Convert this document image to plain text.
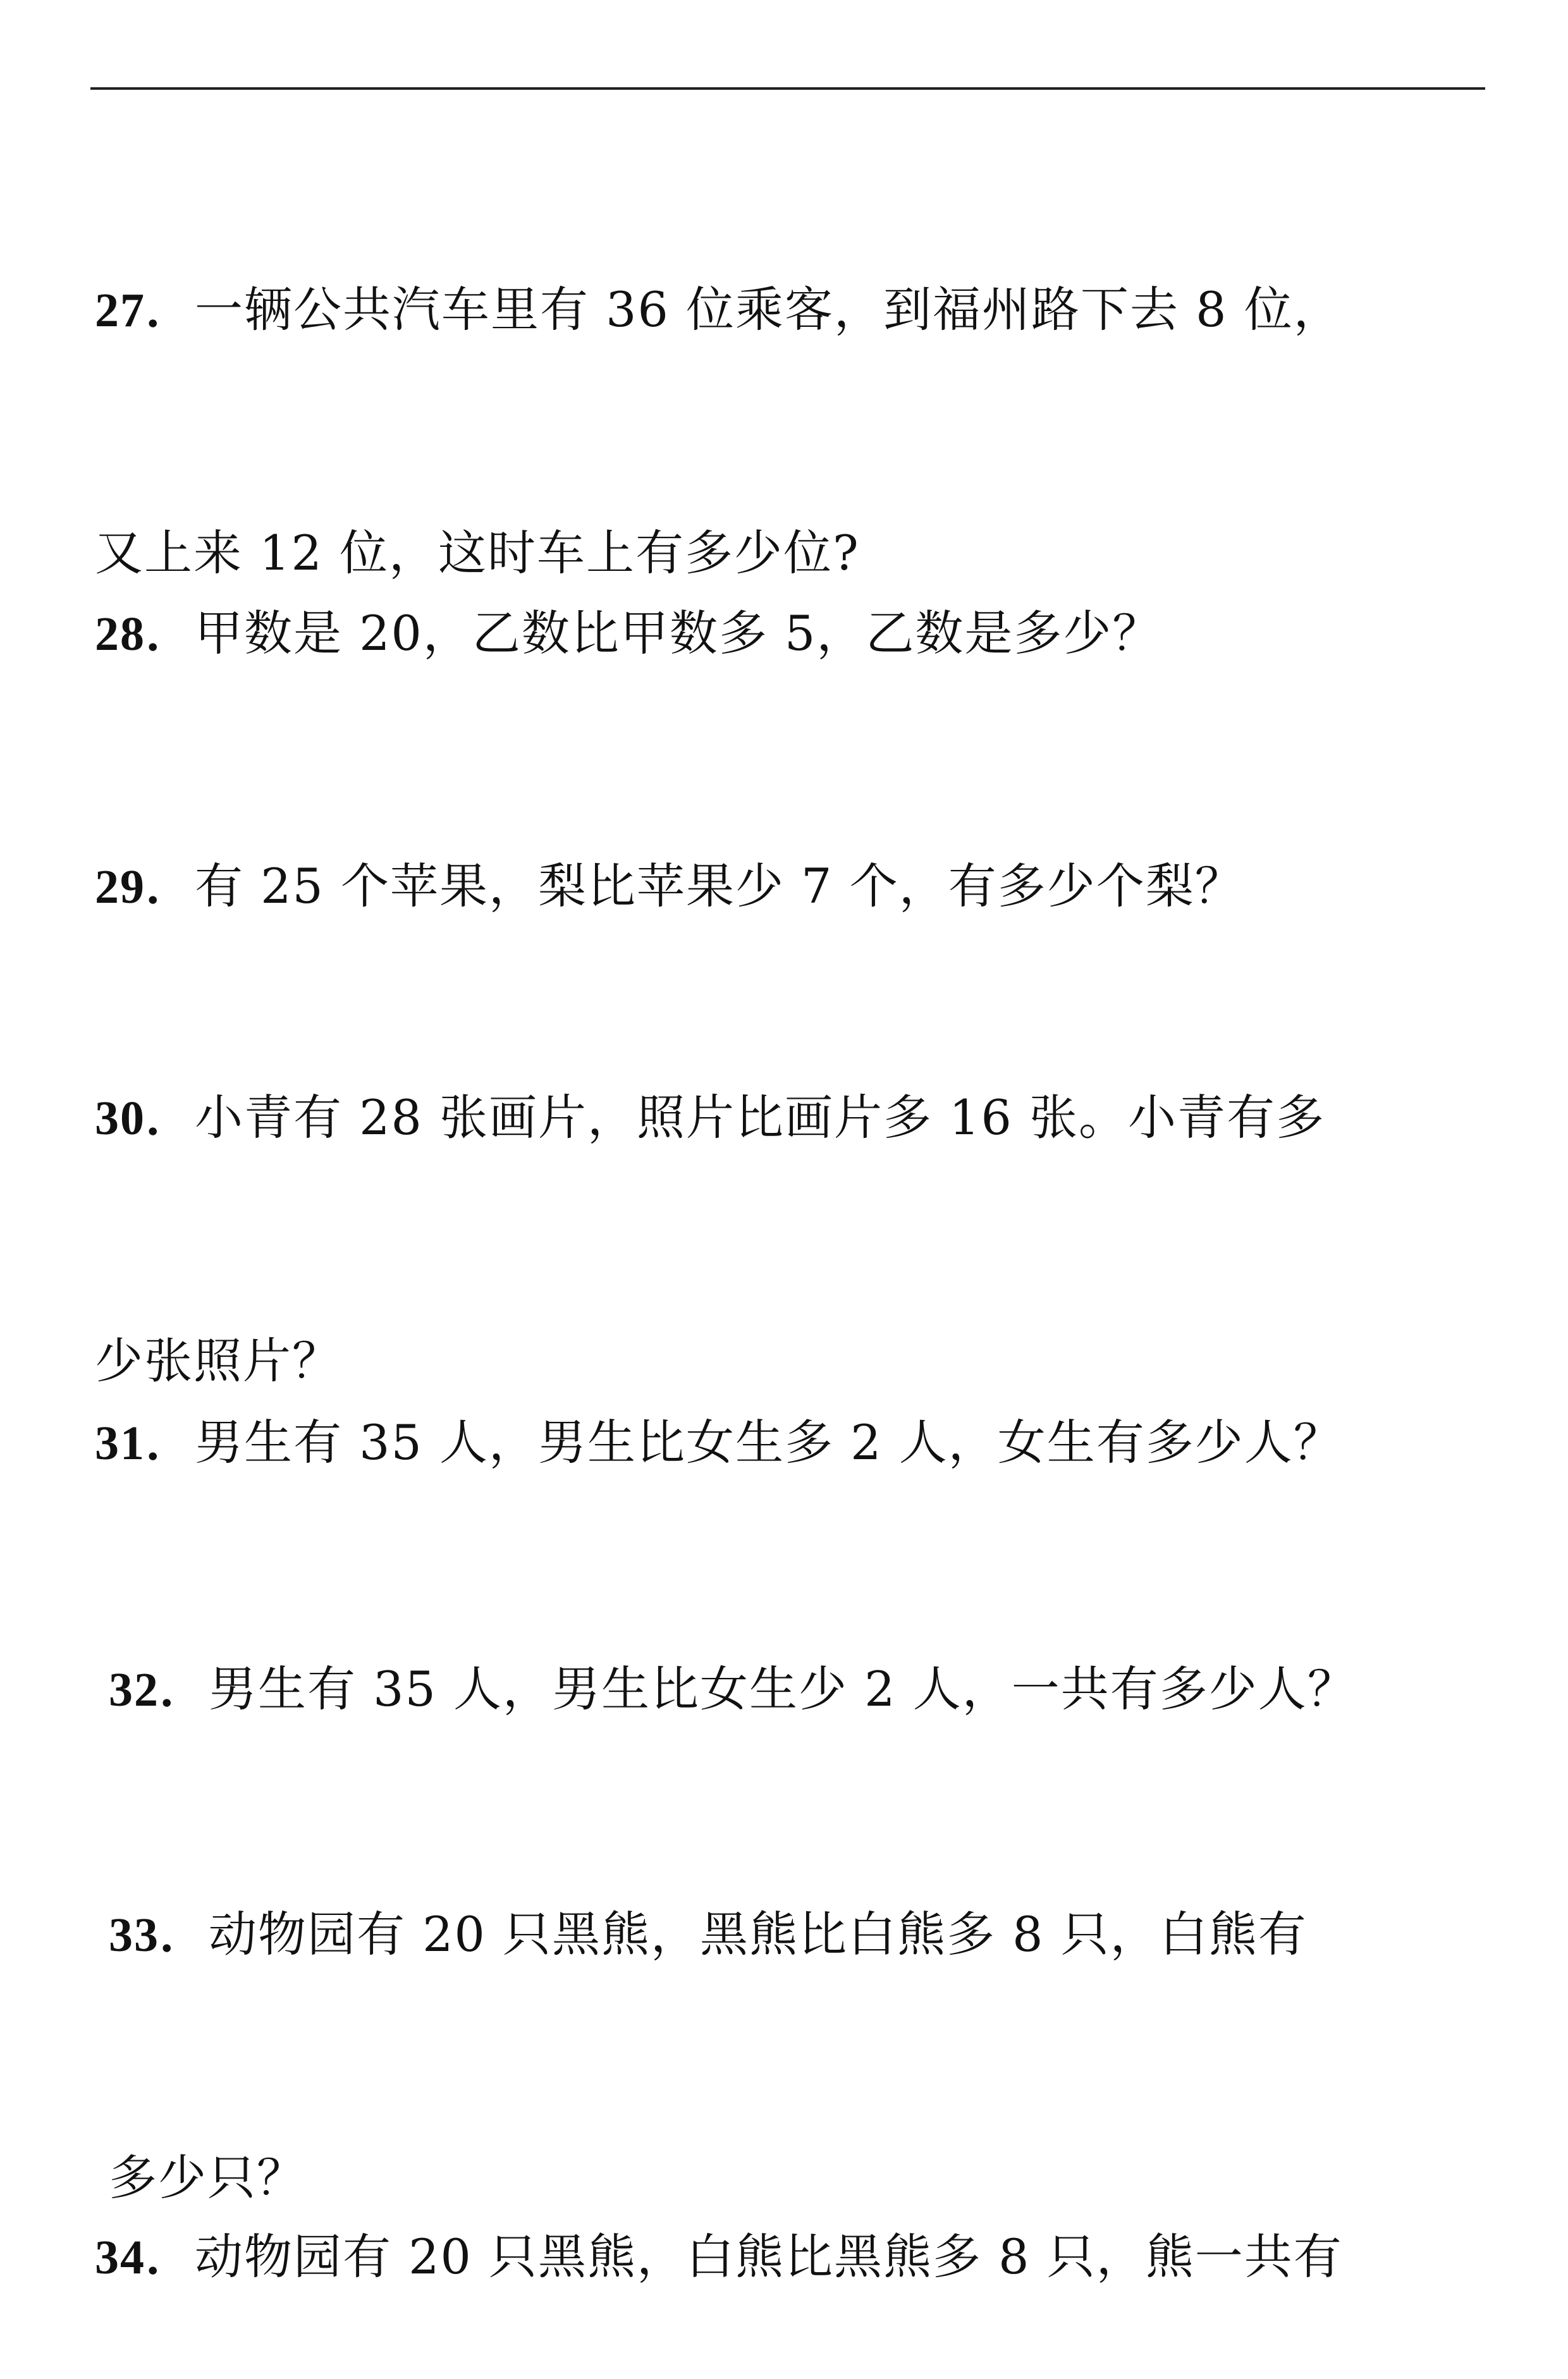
27．一辆公共汽车里有 36 位乘客，到福州路下去 8 位，

又上来 12 位，这时车上有多少位?

28．甲数是 20，乙数比甲数多 5，乙数是多少？

29．有 25 个苹果，梨比苹果少 7 个，有多少个梨？

30．小青有 28 张画片，照片比画片多 16 张。小青有多

少张照片？

31．男生有 35 人，男生比女生多 2 人，女生有多少人？

32．男生有 35 人，男生比女生少 2 人，一共有多少人？

33．动物园有 20 只黑熊，黑熊比白熊多 8 只，白熊有

多少只？

34．动物园有 20 只黑熊，白熊比黑熊多 8 只，熊一共有
